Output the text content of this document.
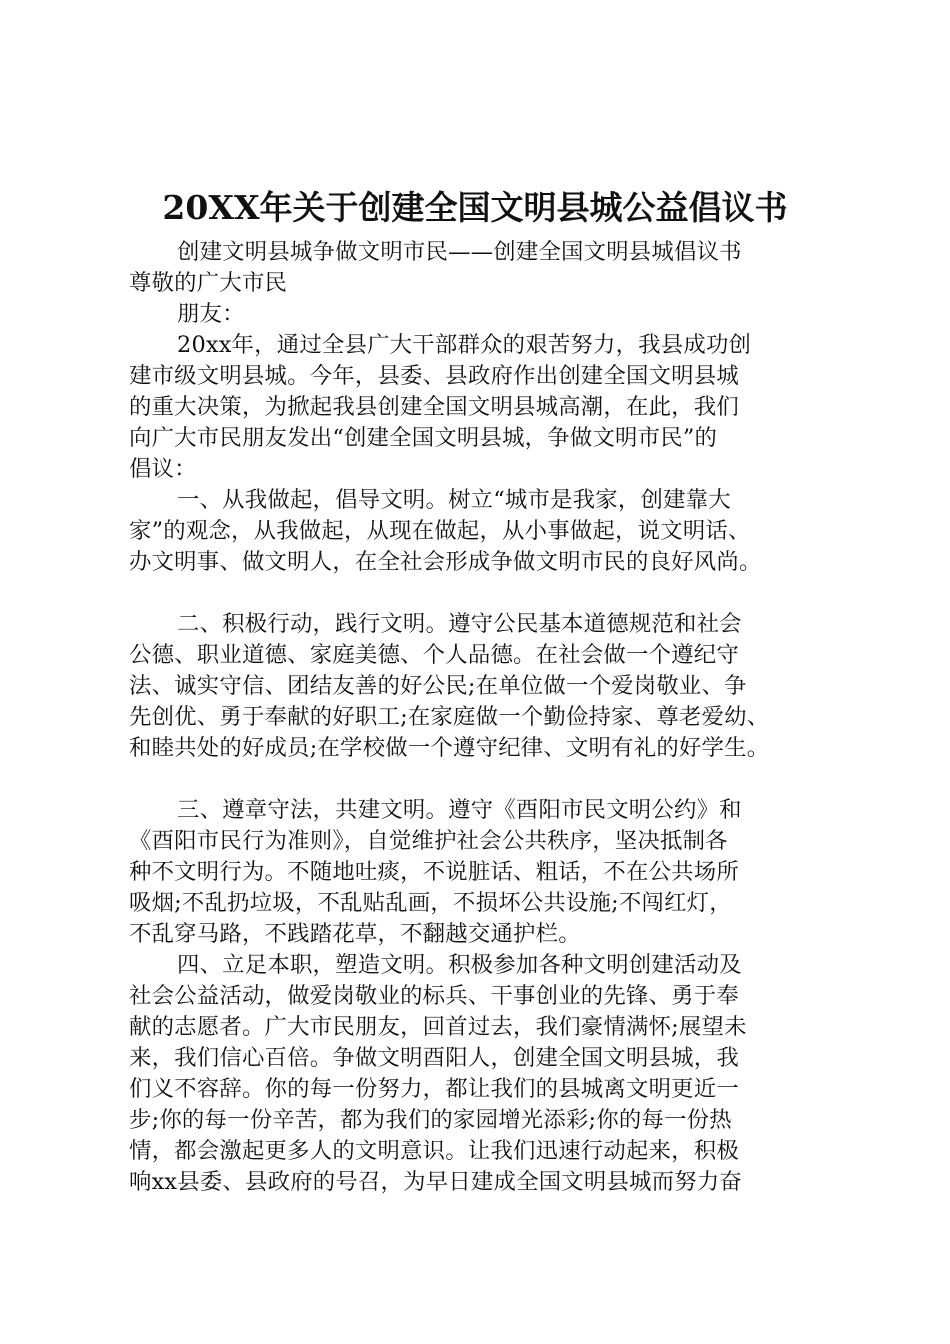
20XX年关于创建全国文明县城公益倡议书
创建文明县城争做文明市民——创建全国文明县城倡议书
尊敬的广大市民
朋友：
20xx年，通过全县广大干部群众的艰苦努力，我县成功创
建市级文明县城。今年，县委、县政府作出创建全国文明县城
的重大决策，为掀起我县创建全国文明县城高潮，在此，我们
向广大市民朋友发出“创建全国文明县城，争做文明市民”的
倡议：
一、从我做起，倡导文明。树立“城市是我家，创建靠大
家”的观念，从我做起，从现在做起，从小事做起，说文明话、
办文明事、做文明人，在全社会形成争做文明市民的良好风尚。
二、积极行动，践行文明。遵守公民基本道德规范和社会
公德、职业道德、家庭美德、个人品德。在社会做一个遵纪守
法、诚实守信、团结友善的好公民;在单位做一个爱岗敬业、争
先创优、勇于奉献的好职工;在家庭做一个勤俭持家、尊老爱幼、
和睦共处的好成员;在学校做一个遵守纪律、文明有礼的好学生。
三、遵章守法，共建文明。遵守《酉阳市民文明公约》和
《酉阳市民行为准则》，自觉维护社会公共秩序，坚决抵制各
种不文明行为。不随地吐痰，不说脏话、粗话，不在公共场所
吸烟;不乱扔垃圾，不乱贴乱画，不损坏公共设施;不闯红灯，
不乱穿马路，不践踏花草，不翻越交通护栏。
四、立足本职，塑造文明。积极参加各种文明创建活动及
社会公益活动，做爱岗敬业的标兵、干事创业的先锋、勇于奉
献的志愿者。广大市民朋友，回首过去，我们豪情满怀;展望未
来，我们信心百倍。争做文明酉阳人，创建全国文明县城，我
们义不容辞。你的每一份努力，都让我们的县城离文明更近一
步;你的每一份辛苦，都为我们的家园增光添彩;你的每一份热
情，都会激起更多人的文明意识。让我们迅速行动起来，积极
响xx县委、县政府的号召，为早日建成全国文明县城而努力奋
